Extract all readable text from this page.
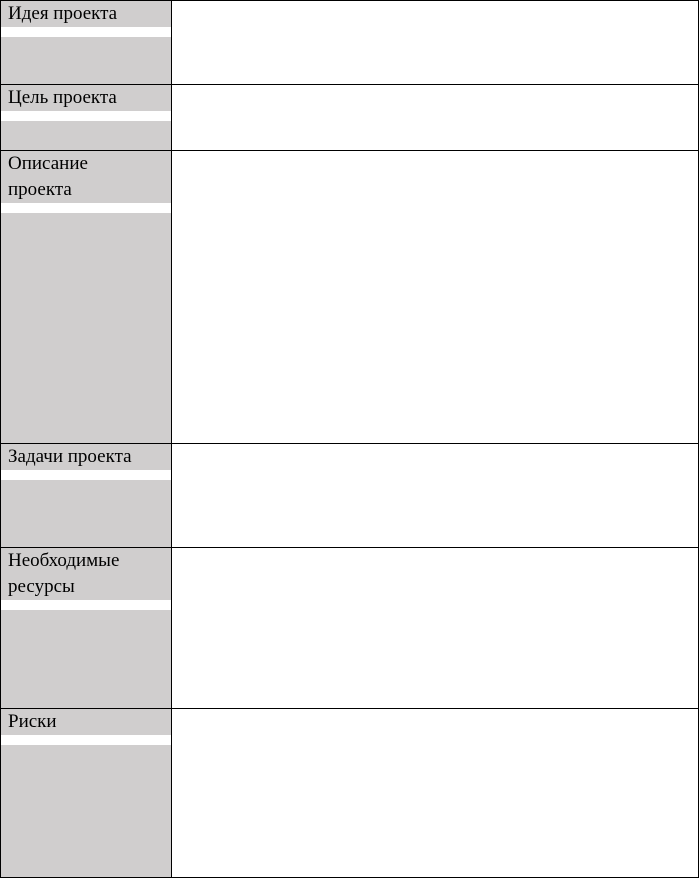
Идея проекта	

Цель проекта	

Описание
проекта	

Задачи проекта	

Необходимые
ресурсы	

Риски	
